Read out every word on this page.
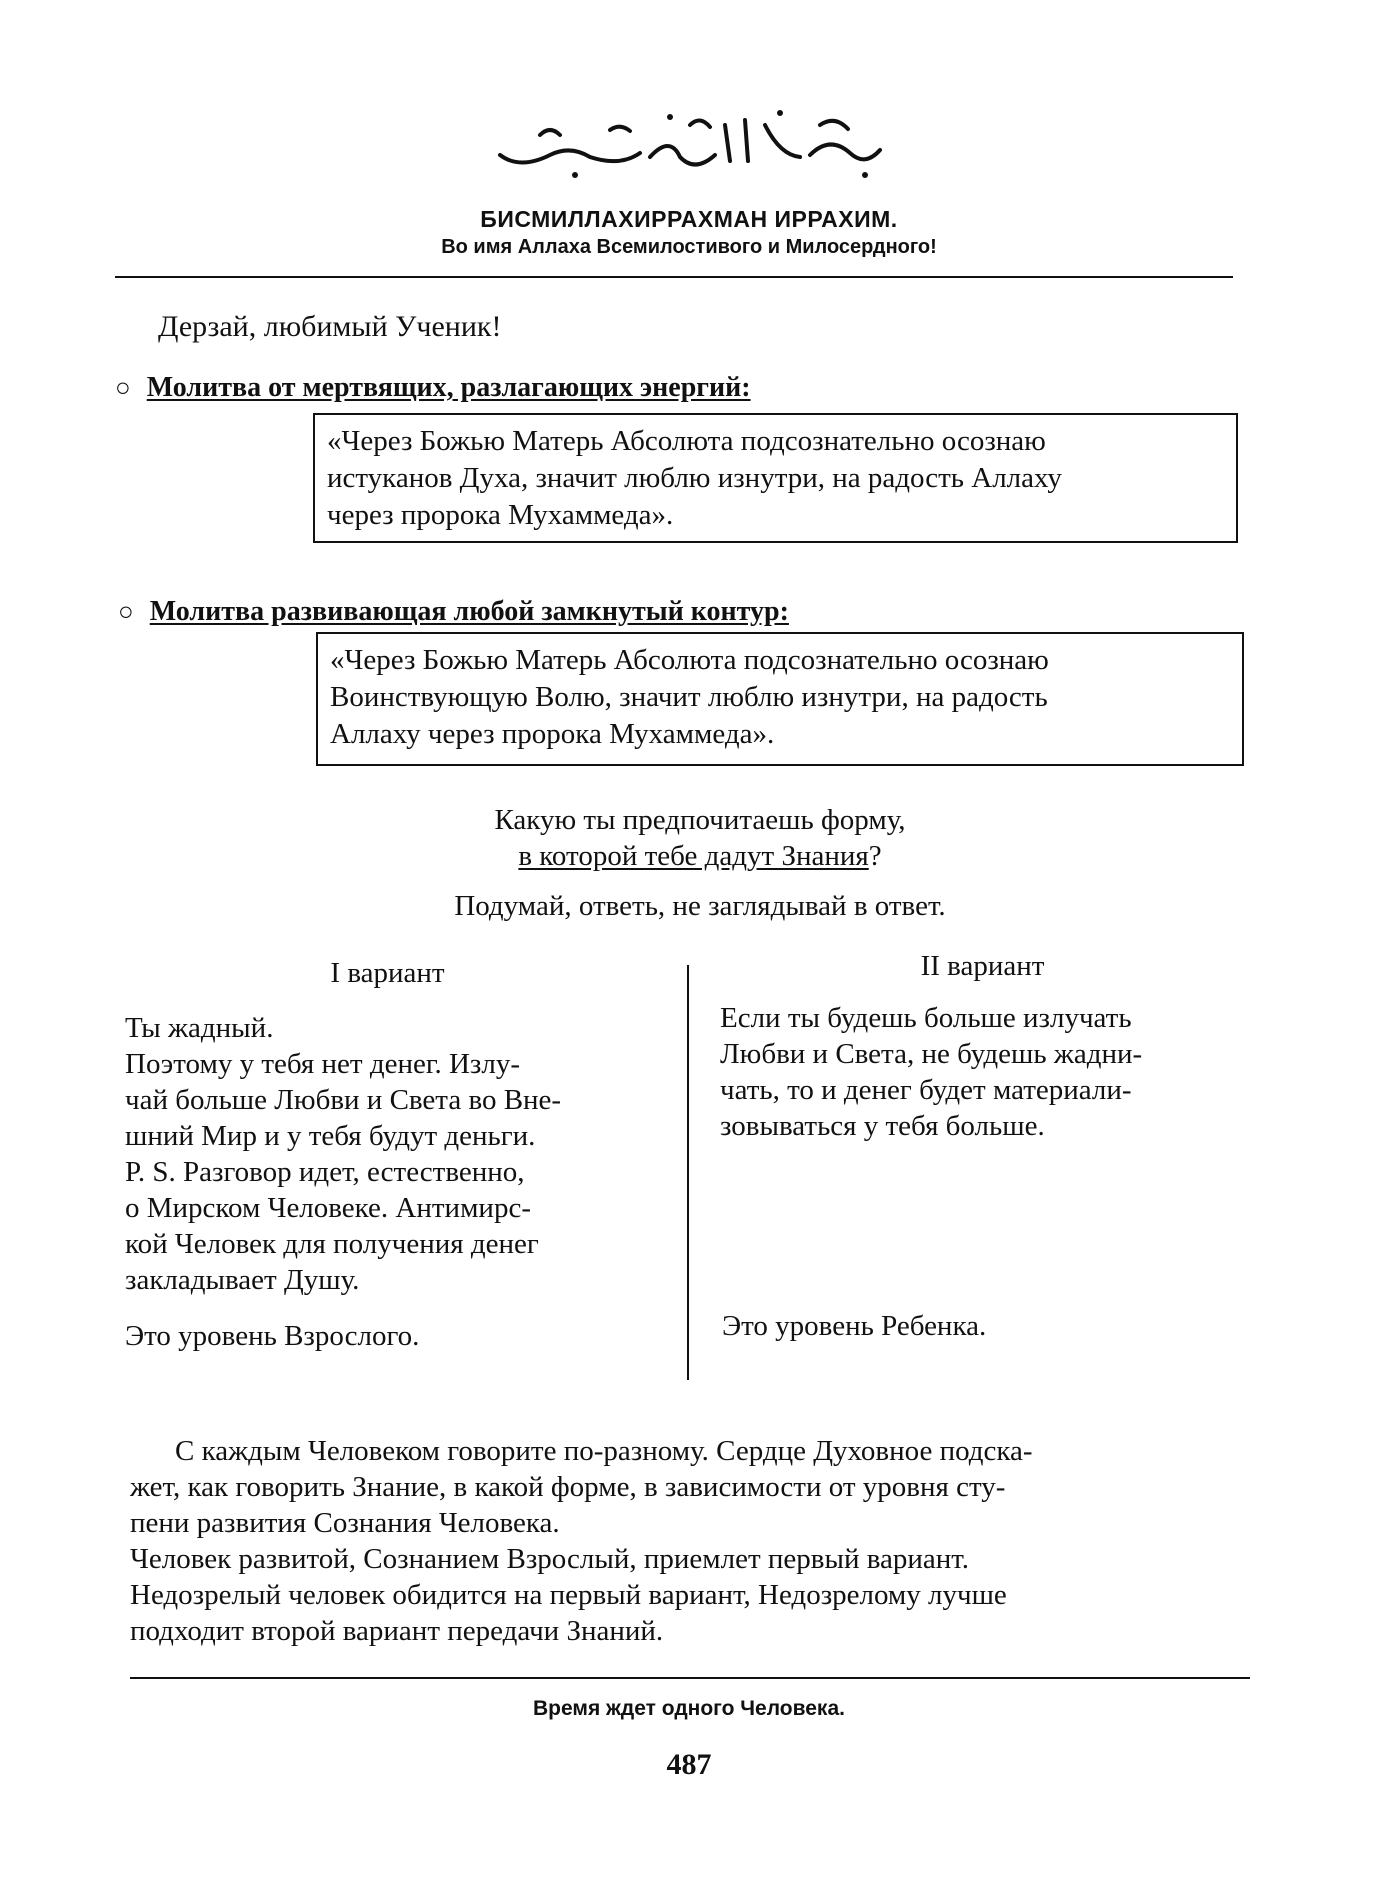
БИСМИЛЛАХИРРАХМАН ИРРАХИМ.
Во имя Аллаха Всемилостивого и Милосердного!
Дерзай, любимый Ученик!
○ Молитва от мертвящих, разлагающих энергий:
«Через Божью Матерь Абсолюта подсознательно осознаю
истуканов Духа, значит люблю изнутри, на радость Аллаху
через пророка Мухаммеда».
○ Молитва развивающая любой замкнутый контур:
«Через Божью Матерь Абсолюта подсознательно осознаю
Воинствующую Волю, значит люблю изнутри, на радость
Аллаху через пророка Мухаммеда».
Какую ты предпочитаешь форму,
в которой тебе дадут Знания?
Подумай, ответь, не заглядывай в ответ.
I вариант	II вариант
Ты жадный.
Поэтому у тебя нет денег. Излу-
чай больше Любви и Света во Вне-
шний Мир и у тебя будут деньги.
P. S. Разговор идет, естественно,
о Мирском Человеке. Антимирс-
кой Человек для получения денег
закладывает Душу.
Это уровень Взрослого.
Если ты будешь больше излучать
Любви и Света, не будешь жадни-
чать, то и денег будет материали-
зовываться у тебя больше.
Это уровень Ребенка.
С каждым Человеком говорите по-разному. Сердце Духовное подска-
жет, как говорить Знание, в какой форме, в зависимости от уровня сту-
пени развития Сознания Человека.
Человек развитой, Сознанием Взрослый, приемлет первый вариант.
Недозрелый человек обидится на первый вариант, Недозрелому лучше
подходит второй вариант передачи Знаний.
Время ждет одного Человека.
487
